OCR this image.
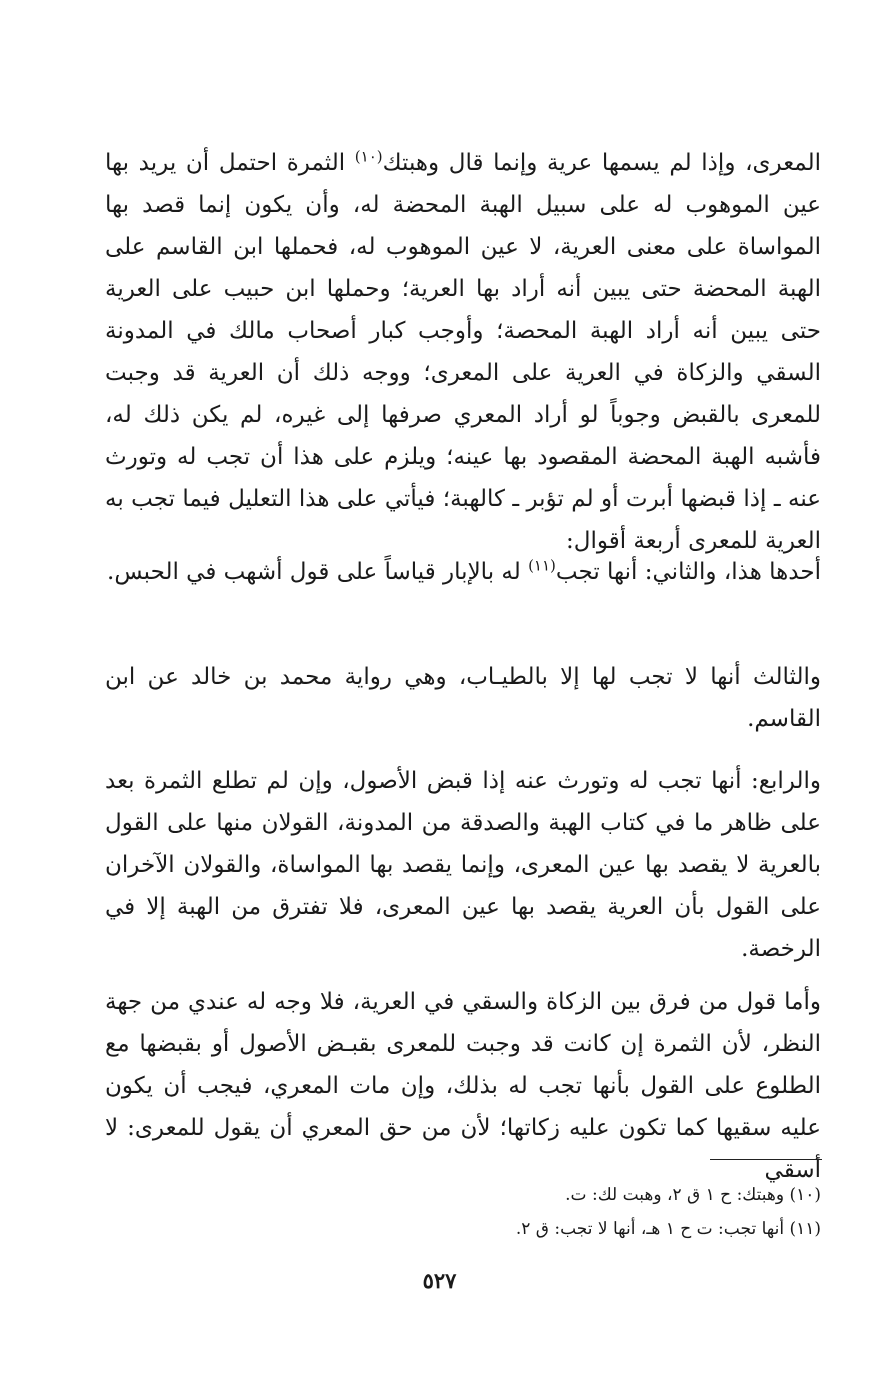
المعرى، وإذا لم يسمها عرية وإنما قال وهبتك$^{(١٠)}$ الثمرة احتمل أن يريد بها عين الموهوب له على سبيل الهبة المحضة له، وأن يكون إنما قصد بها المواساة على معنى العرية، لا عين الموهوب له، فحملها ابن القاسم على الهبة المحضة حتى يبين أنه أراد بها العرية؛ وحملها ابن حبيب على العرية حتى يبين أنه أراد الهبة المحصة؛ وأوجب كبار أصحاب مالك في المدونة السقي والزكاة في العرية على المعرى؛ ووجه ذلك أن العرية قد وجبت للمعرى بالقبض وجوباً لو أراد المعري صرفها إلى غيره، لم يكن ذلك له، فأشبه الهبة المحضة المقصود بها عينه؛ ويلزم على هذا أن تجب له وتورث عنه ـ إذا قبضها أبرت أو لم تؤبر ـ كالهبة؛ فيأتي على هذا التعليل فيما تجب به العرية للمعرى أربعة أقوال:

أحدها هذا، والثاني: أنها تجب$^{(١١)}$ له بالإبار قياساً على قول أشهب في الحبس.

والثالث أنها لا تجب لها إلا بالطيـاب، وهي رواية محمد بن خالد عن ابن القاسم.

والرابع: أنها تجب له وتورث عنه إذا قبض الأصول، وإن لم تطلع الثمرة بعد على ظاهر ما في كتاب الهبة والصدقة من المدونة، القولان منها على القول بالعرية لا يقصد بها عين المعرى، وإنما يقصد بها المواساة، والقولان الآخران على القول بأن العرية يقصد بها عين المعرى، فلا تفترق من الهبة إلا في الرخصة.

وأما قول من فرق بين الزكاة والسقي في العرية، فلا وجه له عندي من جهة النظر، لأن الثمرة إن كانت قد وجبت للمعرى بقبـض الأصول أو بقبضها مع الطلوع على القول بأنها تجب له بذلك، وإن مات المعري، فيجب أن يكون عليه سقيها كما تكون عليه زكاتها؛ لأن من حق المعري أن يقول للمعرى: لا أسقي

(١٠) وهبتك: ح ١ ق ٢، وهبت لك: ت.
(١١) أنها تجب: ت ح ١ هـ، أنها لا تجب: ق ٢.
٥٢٧
